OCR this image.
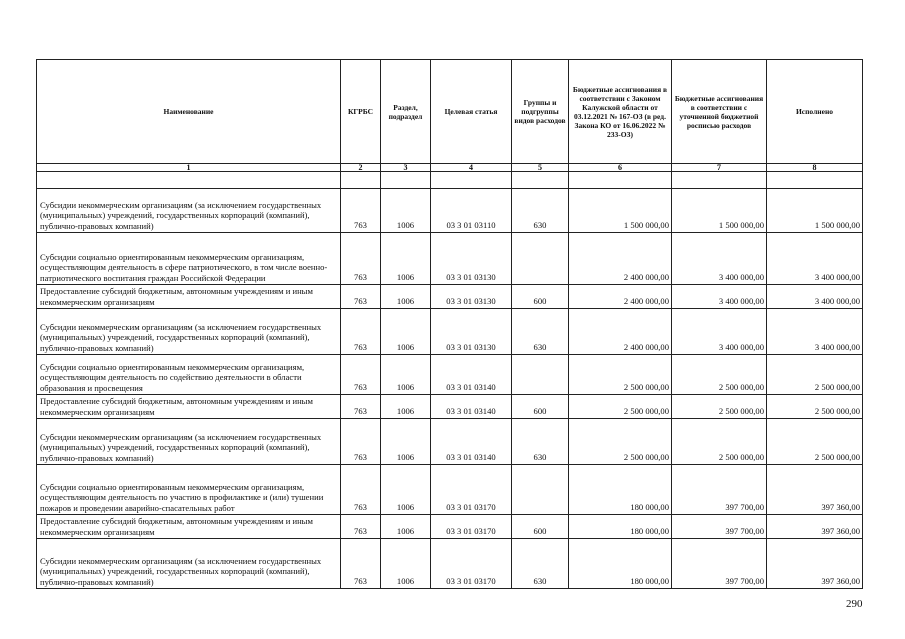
Наименование	КГРБС	Раздел, подраздел	Целевая статья	Группы и подгруппы видов расходов	Бюджетные ассигнования в соответствии с Законом Калужской области от 03.12.2021 № 167-ОЗ (в ред. Закона КО от 16.06.2022 № 233-ОЗ)	Бюджетные ассигнования в соответствии с уточненной бюджетной росписью расходов	Исполнено
1	2	3	4	5	6	7	8

Субсидии некоммерческим организациям (за исключением государственных (муниципальных) учреждений, государственных корпораций (компаний), публично-правовых компаний)	763	1006	03 3 01 03110	630	1 500 000,00	1 500 000,00	1 500 000,00
Субсидии социально ориентированным некоммерческим организациям, осуществляющим деятельность в сфере патриотического, в том числе военно-патриотического воспитания граждан Российской Федерации	763	1006	03 3 01 03130		2 400 000,00	3 400 000,00	3 400 000,00
Предоставление субсидий бюджетным, автономным учреждениям и иным некоммерческим организациям	763	1006	03 3 01 03130	600	2 400 000,00	3 400 000,00	3 400 000,00
Субсидии некоммерческим организациям (за исключением государственных (муниципальных) учреждений, государственных корпораций (компаний), публично-правовых компаний)	763	1006	03 3 01 03130	630	2 400 000,00	3 400 000,00	3 400 000,00
Субсидии социально ориентированным некоммерческим организациям, осуществляющим деятельность по содействию деятельности в области образования и просвещения	763	1006	03 3 01 03140		2 500 000,00	2 500 000,00	2 500 000,00
Предоставление субсидий бюджетным, автономным учреждениям и иным некоммерческим организациям	763	1006	03 3 01 03140	600	2 500 000,00	2 500 000,00	2 500 000,00
Субсидии некоммерческим организациям (за исключением государственных (муниципальных) учреждений, государственных корпораций (компаний), публично-правовых компаний)	763	1006	03 3 01 03140	630	2 500 000,00	2 500 000,00	2 500 000,00
Субсидии социально ориентированным некоммерческим организациям, осуществляющим деятельность по участию в профилактике и (или) тушении пожаров и проведении аварийно-спасательных работ	763	1006	03 3 01 03170		180 000,00	397 700,00	397 360,00
Предоставление субсидий бюджетным, автономным учреждениям и иным некоммерческим организациям	763	1006	03 3 01 03170	600	180 000,00	397 700,00	397 360,00
Субсидии некоммерческим организациям (за исключением государственных (муниципальных) учреждений, государственных корпораций (компаний), публично-правовых компаний)	763	1006	03 3 01 03170	630	180 000,00	397 700,00	397 360,00
290
